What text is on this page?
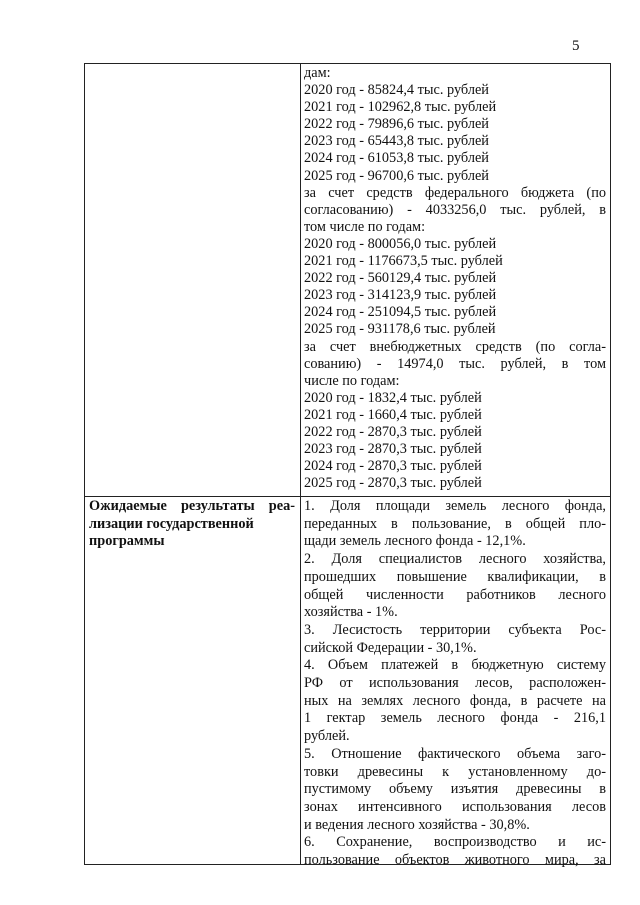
5
дам:
2020 год - 85824,4 тыс. рублей
2021 год - 102962,8 тыс. рублей
2022 год - 79896,6 тыс. рублей
2023 год - 65443,8 тыс. рублей
2024 год - 61053,8 тыс. рублей
2025 год - 96700,6 тыс. рублей
за счет средств федерального бюджета (по
согласованию) - 4033256,0 тыс. рублей, в
том числе по годам:
2020 год - 800056,0 тыс. рублей
2021 год - 1176673,5 тыс. рублей
2022 год - 560129,4 тыс. рублей
2023 год - 314123,9 тыс. рублей
2024 год - 251094,5 тыс. рублей
2025 год - 931178,6 тыс. рублей
за счет внебюджетных средств (по согла-
сованию) - 14974,0 тыс. рублей, в том
числе по годам:
2020 год - 1832,4 тыс. рублей
2021 год - 1660,4 тыс. рублей
2022 год - 2870,3 тыс. рублей
2023 год - 2870,3 тыс. рублей
2024 год - 2870,3 тыс. рублей
2025 год - 2870,3 тыс. рублей
Ожидаемые результаты реа-
лизации государственной
программы
1. Доля площади земель лесного фонда,
переданных в пользование, в общей пло-
щади земель лесного фонда - 12,1%.
2. Доля специалистов лесного хозяйства,
прошедших повышение квалификации, в
общей численности работников лесного
хозяйства - 1%.
3. Лесистость территории субъекта Рос-
сийской Федерации - 30,1%.
4. Объем платежей в бюджетную систему
РФ от использования лесов, расположен-
ных на землях лесного фонда, в расчете на
1 гектар земель лесного фонда - 216,1
рублей.
5. Отношение фактического объема заго-
товки древесины к установленному до-
пустимому объему изъятия древесины в
зонах интенсивного использования лесов
и ведения лесного хозяйства - 30,8%.
6. Сохранение, воспроизводство и ис-
пользование объектов животного мира, за
